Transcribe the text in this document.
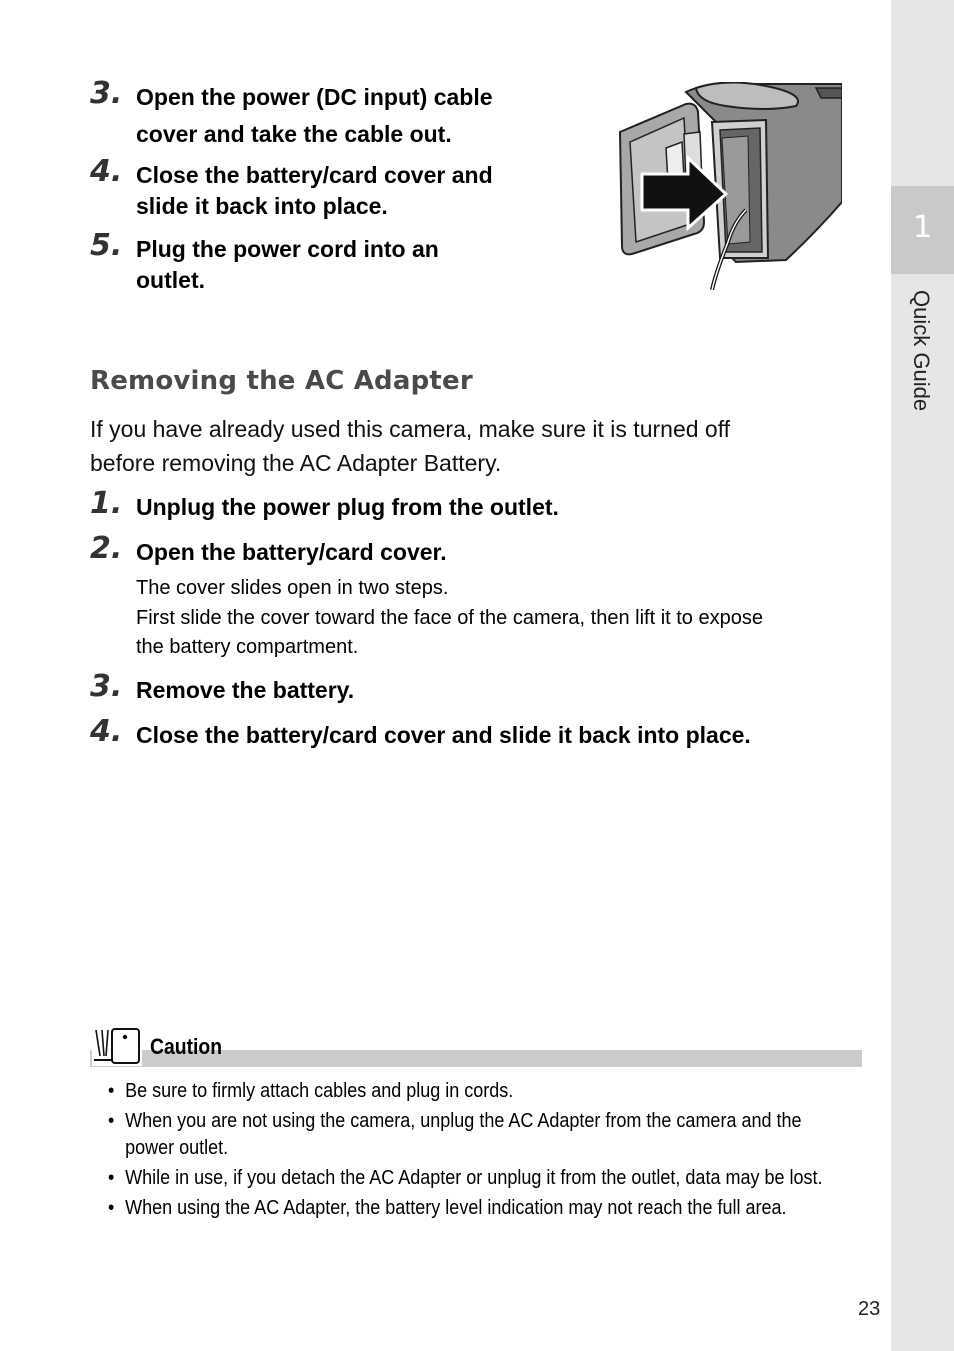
1
Quick Guide
3. Open the power (DC input) cable
cover and take the cable out.
4. Close the battery/card cover and
slide it back into place.
5. Plug the power cord into an
outlet.
Removing the AC Adapter
If you have already used this camera, make sure it is turned off
before removing the AC Adapter Battery.
1. Unplug the power plug from the outlet.
2. Open the battery/card cover.
The cover slides open in two steps.
First slide the cover toward the face of the camera, then lift it to expose
the battery compartment.
3. Remove the battery.
4. Close the battery/card cover and slide it back into place.
Caution
• Be sure to firmly attach cables and plug in cords.
• When you are not using the camera, unplug the AC Adapter from the camera and the power outlet.
• While in use, if you detach the AC Adapter or unplug it from the outlet, data may be lost.
• When using the AC Adapter, the battery level indication may not reach the full area.
23
